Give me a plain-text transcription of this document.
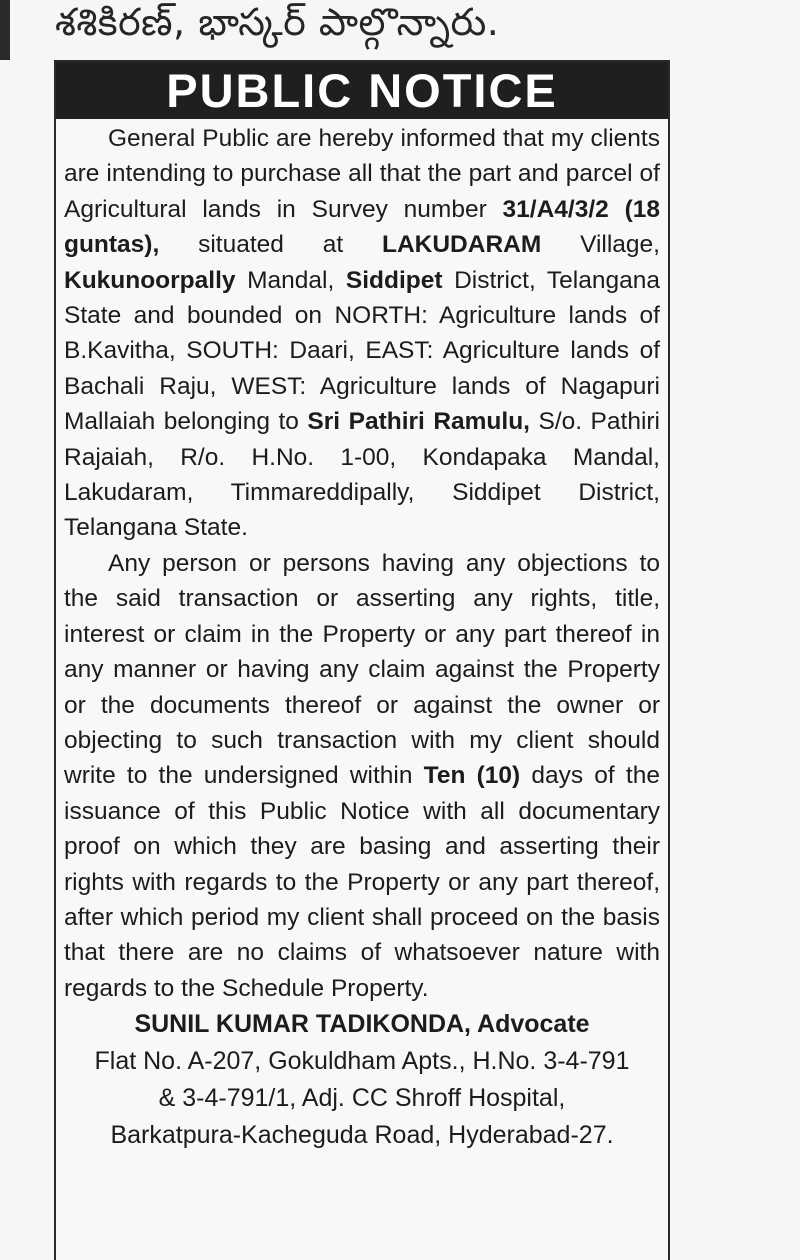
శశికిరణ్, భాస్కర్ పాల్గొన్నారు.
PUBLIC NOTICE

General Public are hereby informed that my clients are intending to purchase all that the part and parcel of Agricultural lands in Survey number 31/A4/3/2 (18 guntas), situated at LAKUDARAM Village, Kukunoorpally Mandal, Siddipet District, Telangana State and bounded on NORTH: Agriculture lands of B.Kavitha, SOUTH: Daari, EAST: Agriculture lands of Bachali Raju, WEST: Agriculture lands of Nagapuri Mallaiah belonging to Sri Pathiri Ramulu, S/o. Pathiri Rajaiah, R/o. H.No. 1-00, Kondapaka Mandal, Lakudaram, Timmareddipally, Siddipet District, Telangana State.

Any person or persons having any objections to the said transaction or asserting any rights, title, interest or claim in the Property or any part thereof in any manner or having any claim against the Property or the documents thereof or against the owner or objecting to such transaction with my client should write to the undersigned within Ten (10) days of the issuance of this Public Notice with all documentary proof on which they are basing and asserting their rights with regards to the Property or any part thereof, after which period my client shall proceed on the basis that there are no claims of whatsoever nature with regards to the Schedule Property.

SUNIL KUMAR TADIKONDA, Advocate
Flat No. A-207, Gokuldham Apts., H.No. 3-4-791
& 3-4-791/1, Adj. CC Shroff Hospital,
Barkatpura-Kacheguda Road, Hyderabad-27.
